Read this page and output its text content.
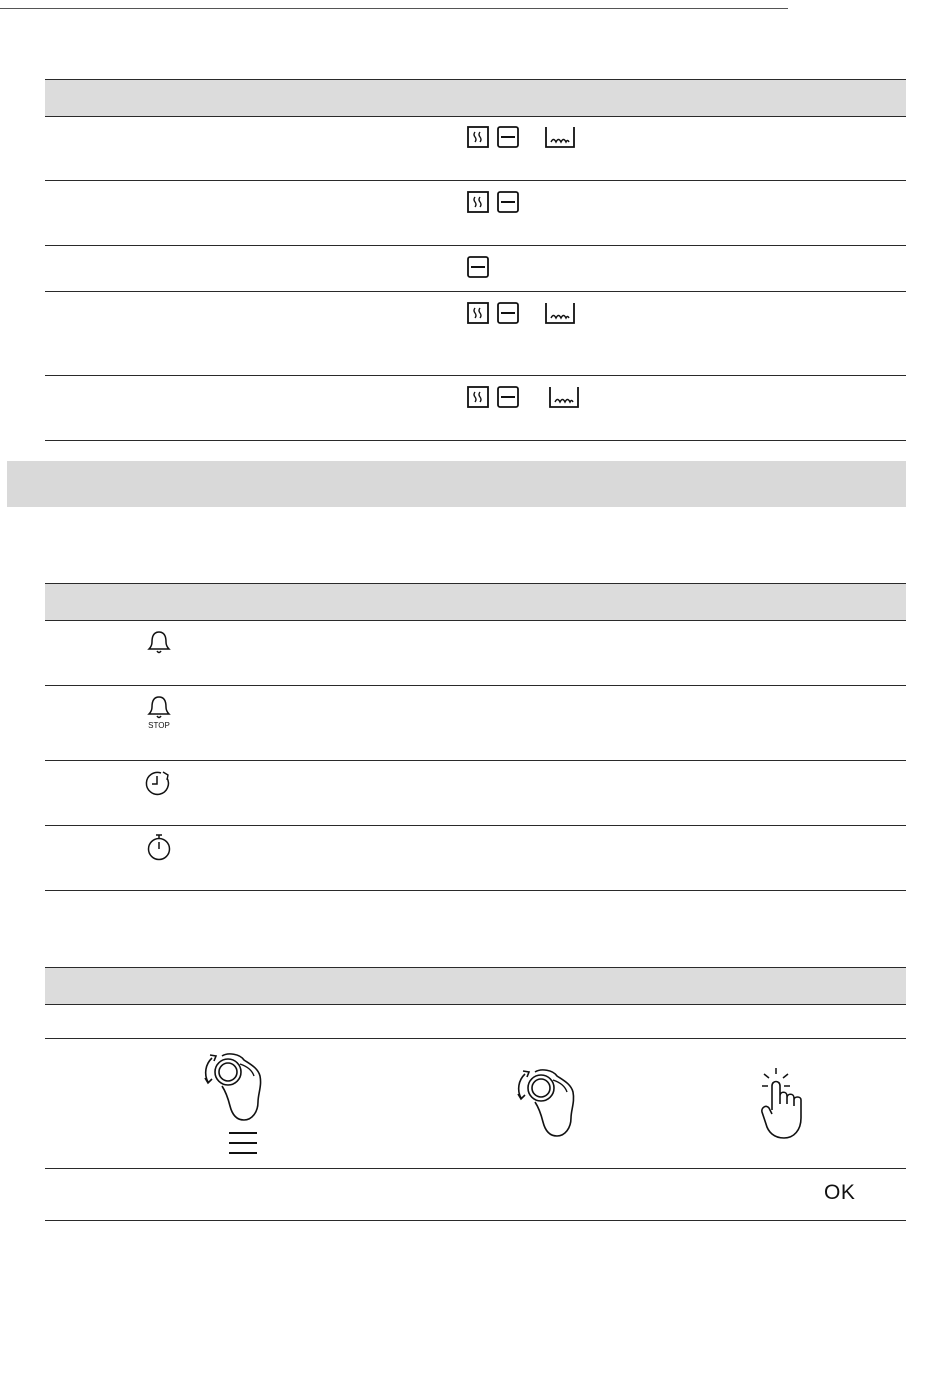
STOP
OK
